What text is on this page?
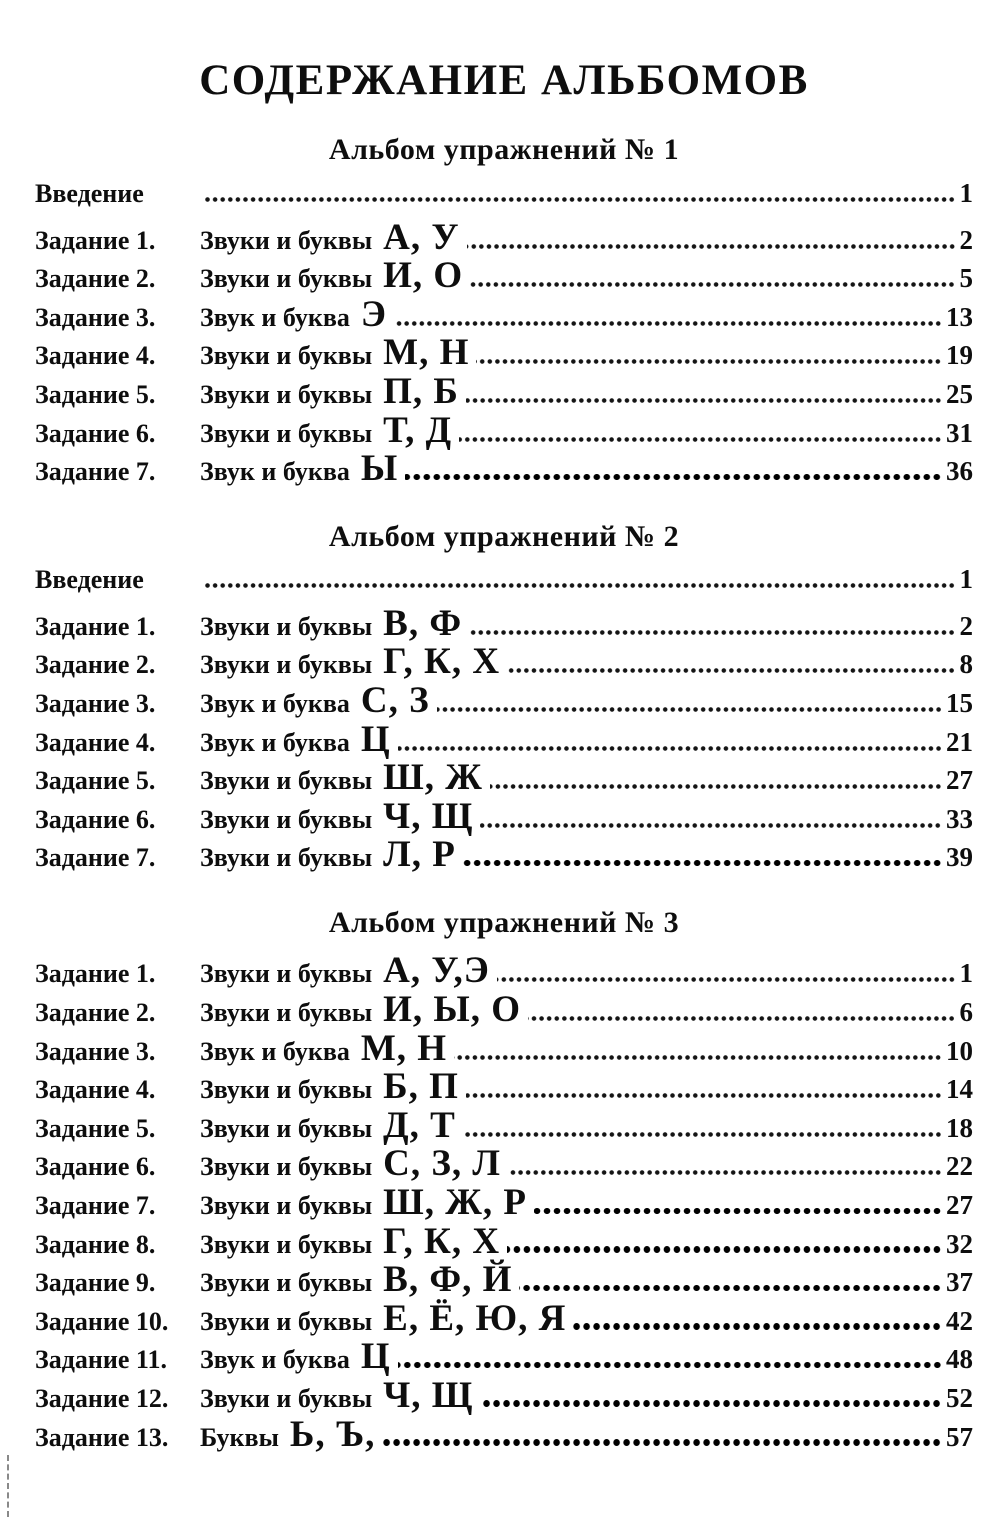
СОДЕРЖАНИЕ АЛЬБОМОВ
Альбом упражнений № 1
Введение	1
Задание 1.	Звуки и буквы А, У	2
Задание 2.	Звуки и буквы И, О	5
Задание 3.	Звук и буква Э	13
Задание 4.	Звуки и буквы М, Н	19
Задание 5.	Звуки и буквы П, Б	25
Задание 6.	Звуки и буквы Т, Д	31
Задание 7.	Звук и буква Ы	36
Альбом упражнений № 2
Введение	1
Задание 1.	Звуки и буквы В, Ф	2
Задание 2.	Звуки и буквы Г, К, Х	8
Задание 3.	Звук и буква С, З	15
Задание 4.	Звук и буква Ц	21
Задание 5.	Звуки и буквы Ш, Ж	27
Задание 6.	Звуки и буквы Ч, Щ	33
Задание 7.	Звуки и буквы Л, Р	39
Альбом упражнений № 3
Задание 1.	Звуки и буквы А, У,Э	1
Задание 2.	Звуки и буквы И, Ы, О	6
Задание 3.	Звук и буква М, Н	10
Задание 4.	Звуки и буквы Б, П	14
Задание 5.	Звуки и буквы Д, Т	18
Задание 6.	Звуки и буквы С, З, Л	22
Задание 7.	Звуки и буквы Ш, Ж, Р	27
Задание 8.	Звуки и буквы Г, К, Х	32
Задание 9.	Звуки и буквы В, Ф, Й	37
Задание 10.	Звуки и буквы Е, Ё, Ю, Я	42
Задание 11.	Звук и буква Ц	48
Задание 12.	Звуки и буквы Ч, Щ	52
Задание 13.	Буквы Ь, Ъ,	57
